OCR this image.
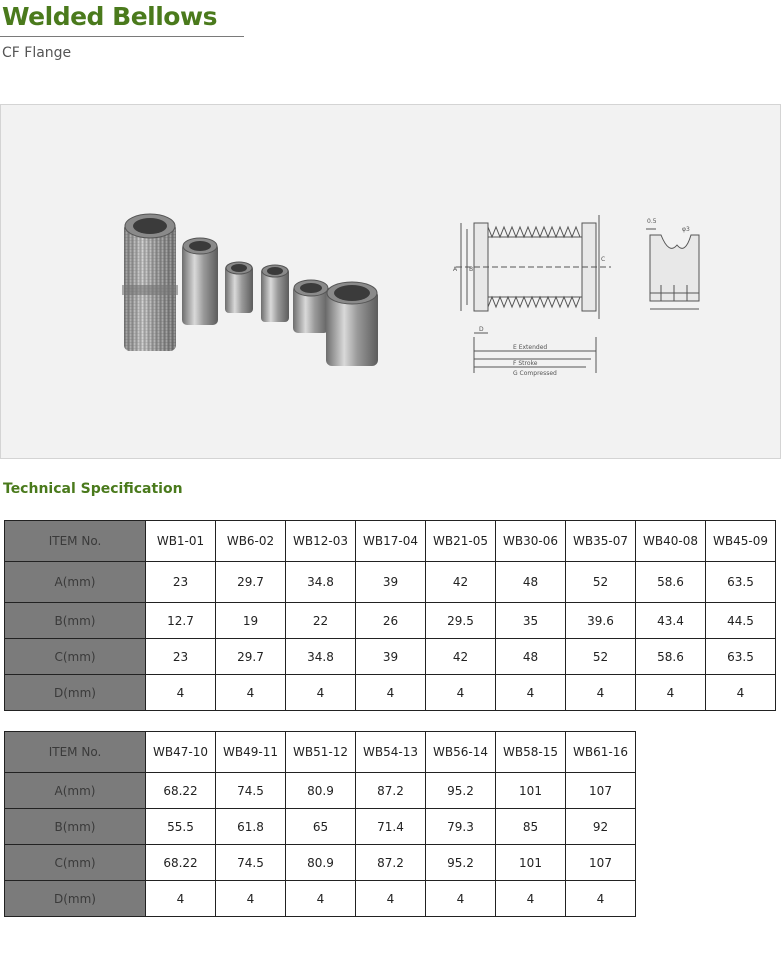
Welded Bellows
CF Flange
A B
C
D
E Extended
F Stroke
G Compressed
0.5
φ3
Technical Specification
ITEM No.	WB1-01	WB6-02	WB12-03	WB17-04	WB21-05	WB30-06	WB35-07	WB40-08	WB45-09
A(mm)	23	29.7	34.8	39	42	48	52	58.6	63.5
B(mm)	12.7	19	22	26	29.5	35	39.6	43.4	44.5
C(mm)	23	29.7	34.8	39	42	48	52	58.6	63.5
D(mm)	4	4	4	4	4	4	4	4	4
ITEM No.	WB47-10	WB49-11	WB51-12	WB54-13	WB56-14	WB58-15	WB61-16
A(mm)	68.22	74.5	80.9	87.2	95.2	101	107
B(mm)	55.5	61.8	65	71.4	79.3	85	92
C(mm)	68.22	74.5	80.9	87.2	95.2	101	107
D(mm)	4	4	4	4	4	4	4
